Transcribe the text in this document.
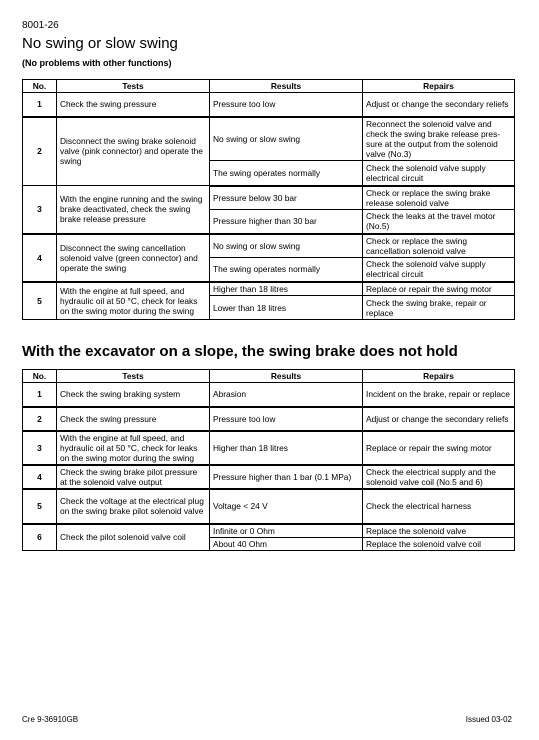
8001-26
No swing or slow swing
(No problems with other functions)
No.	Tests	Results	Repairs
1	Check the swing pressure	Pressure too low	Adjust or change the secondary reliefs
2	Disconnect the swing brake solenoid valve (pink connector) and operate the swing	No swing or slow swing	Reconnect the solenoid valve and check the swing brake release pres-sure at the output from the solenoid valve (No.3)
		The swing operates normally	Check the solenoid valve supply electrical circuit
3	With the engine running and the swing brake deactivated, check the swing brake release pressure	Pressure below 30 bar	Check or replace the swing brake release solenoid valve
		Pressure higher than 30 bar	Check the leaks at the travel motor (No.5)
4	Disconnect the swing cancellation solenoid valve (green connector) and operate the swing	No swing or slow swing	Check or replace the swing cancellation solenoid valve
		The swing operates normally	Check the solenoid valve supply electrical circuit
5	With the engine at full speed, and hydraulic oil at 50 °C, check for leaks on the swing motor during the swing	Higher than 18 litres	Replace or repair the swing motor
		Lower than 18 litres	Check the swing brake, repair or replace
With the excavator on a slope, the swing brake does not hold
No.	Tests	Results	Repairs
1	Check the swing braking system	Abrasion	Incident on the brake, repair or replace
2	Check the swing pressure	Pressure too low	Adjust or change the secondary reliefs
3	With the engine at full speed, and hydraulic oil at 50 °C, check for leaks on the swing motor during the swing	Higher than 18 litres	Replace or repair the swing motor
4	Check the swing brake pilot pressure at the solenoid valve output	Pressure higher than 1 bar (0.1 MPa)	Check the electrical supply and the solenoid valve coil (No.5 and 6)
5	Check the voltage at the electrical plug on the swing brake pilot solenoid valve	Voltage < 24 V	Check the electrical harness
6	Check the pilot solenoid valve coil	Infinite or 0 Ohm	Replace the solenoid valve
		About 40 Ohm	Replace the solenoid valve coil
Cre 9-36910GB	Issued 03-02
